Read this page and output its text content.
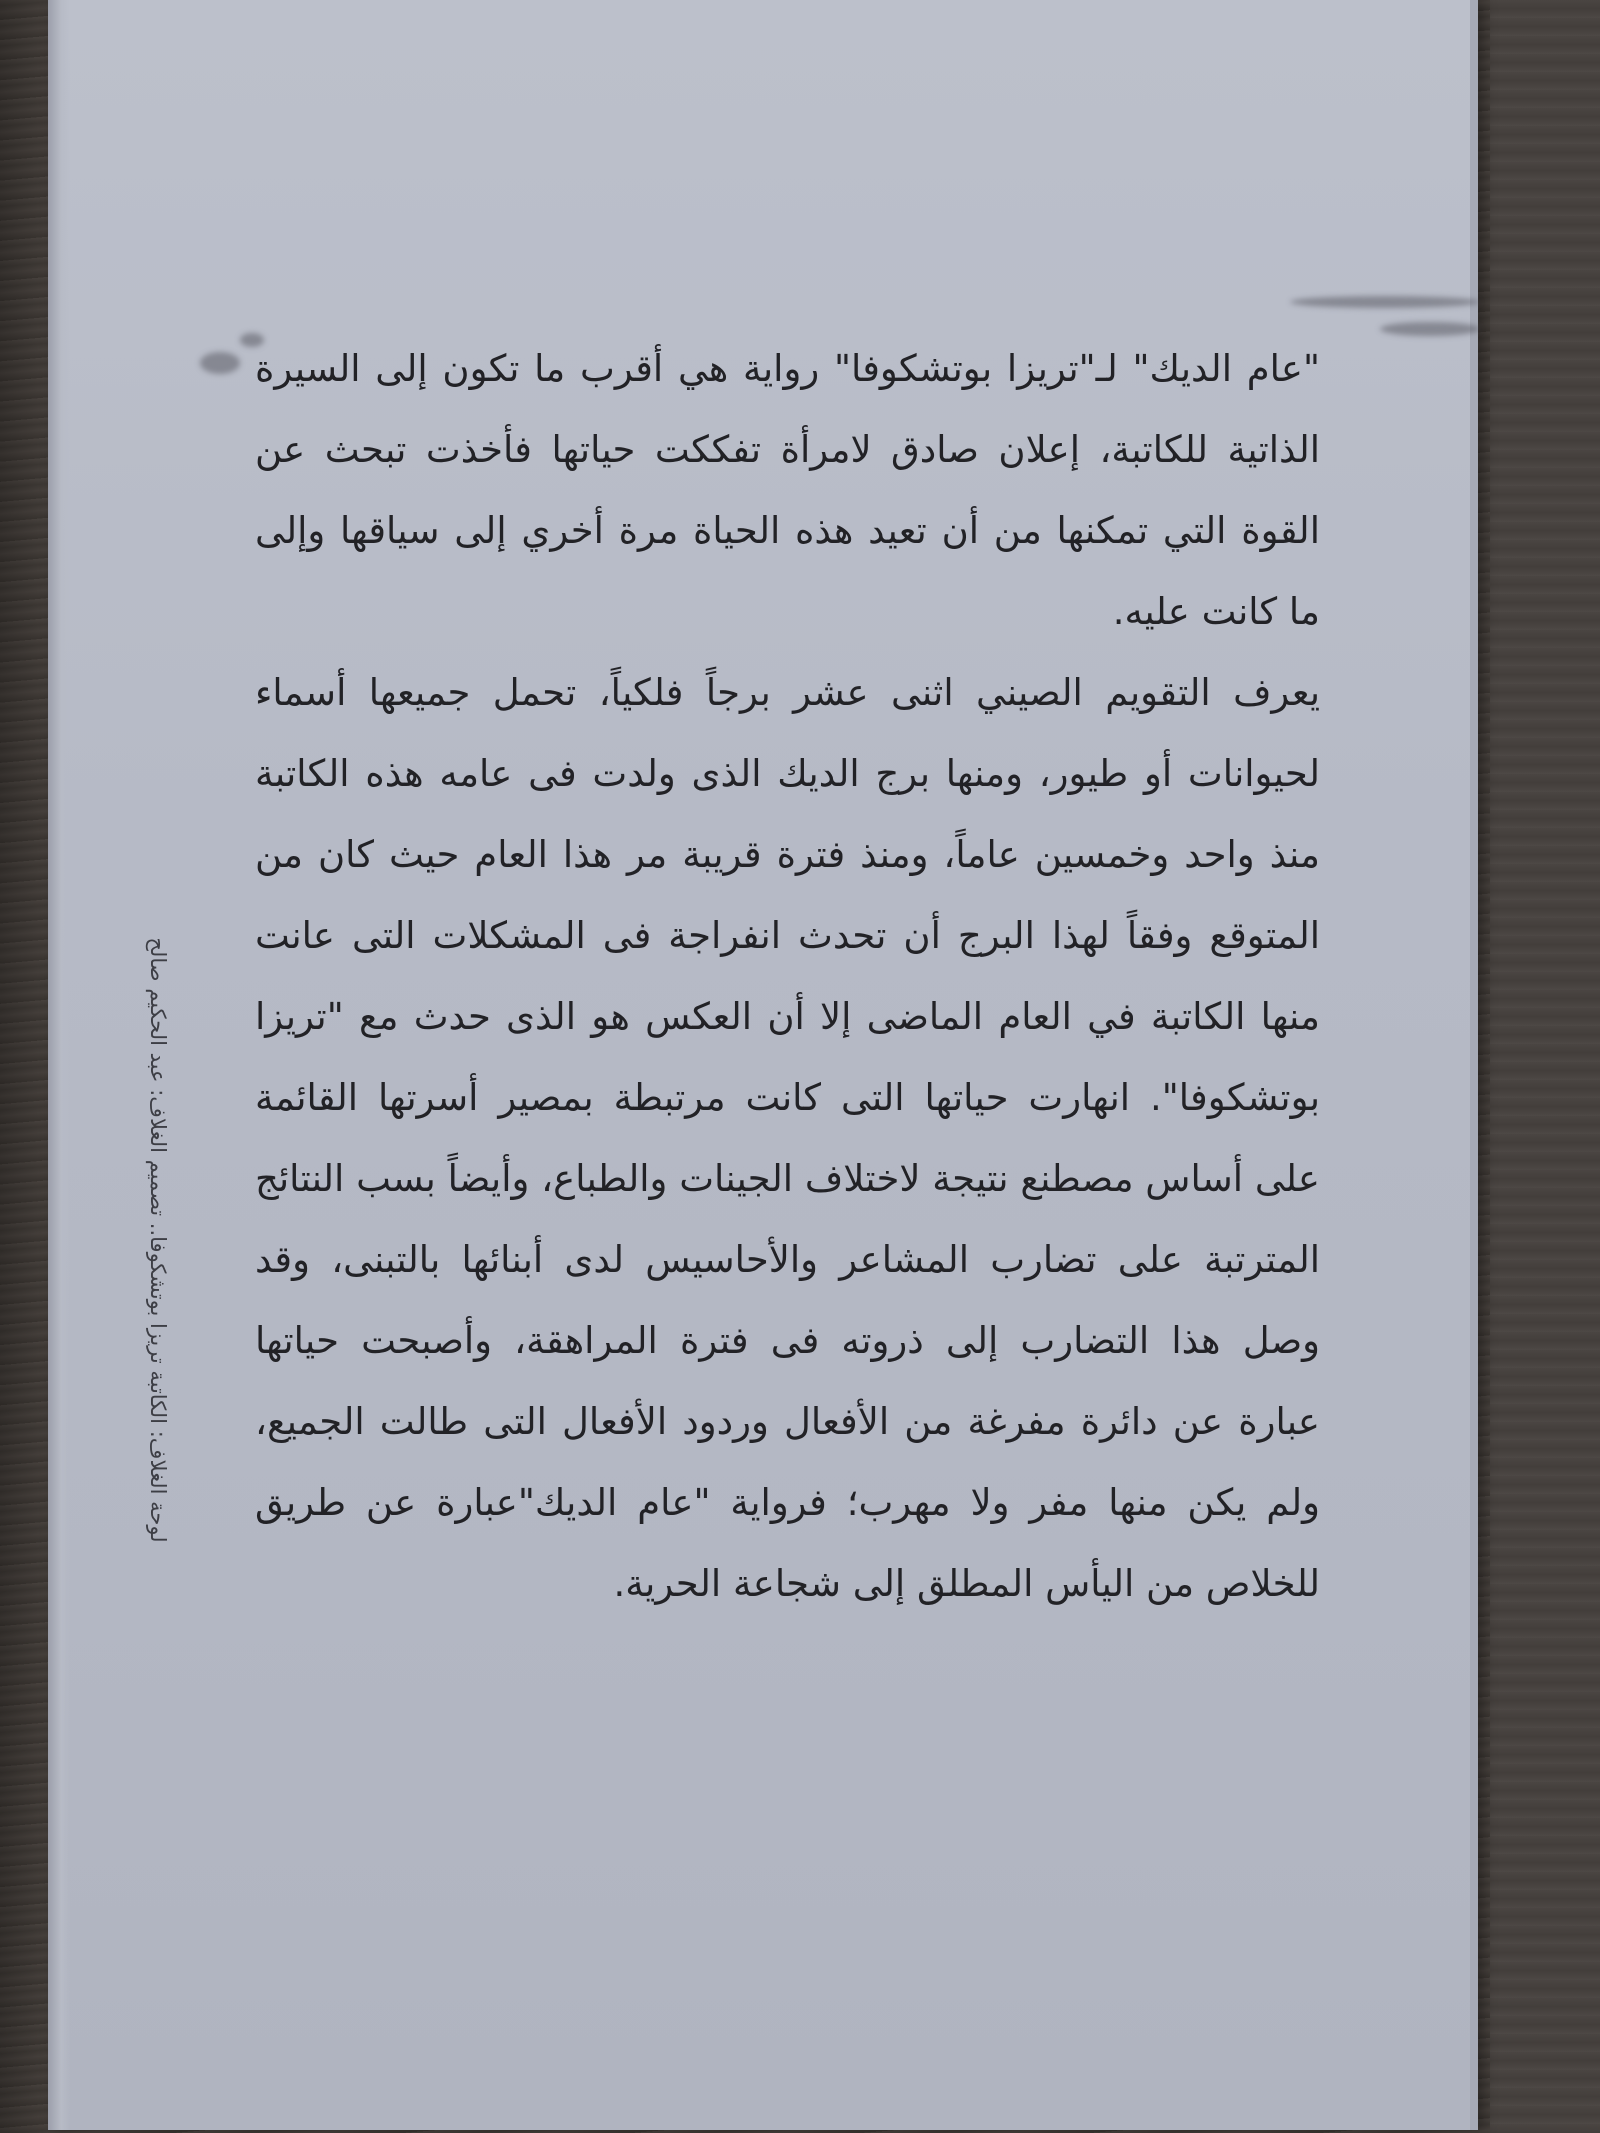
"عام الديك" لـ"تريزا بوتشكوفا" رواية هي أقرب ما تكون إلى السيرة الذاتية للكاتبة، إعلان صادق لامرأة تفككت حياتها فأخذت تبحث عن القوة التي تمكنها من أن تعيد هذه الحياة مرة أخري إلى سياقها وإلى ما كانت عليه.

يعرف التقويم الصيني اثنى عشر برجاً فلكياً، تحمل جميعها أسماء لحيوانات أو طيور، ومنها برج الديك الذى ولدت فى عامه هذه الكاتبة منذ واحد وخمسين عاماً، ومنذ فترة قريبة مر هذا العام حيث كان من المتوقع وفقاً لهذا البرج أن تحدث انفراجة فى المشكلات التى عانت منها الكاتبة في العام الماضى إلا أن العكس هو الذى حدث مع "تريزا بوتشكوفا". انهارت حياتها التى كانت مرتبطة بمصير أسرتها القائمة على أساس مصطنع نتيجة لاختلاف الجينات والطباع، وأيضاً بسب النتائج المترتبة على تضارب المشاعر والأحاسيس لدى أبنائها بالتبنى، وقد وصل هذا التضارب إلى ذروته فى فترة المراهقة، وأصبحت حياتها عبارة عن دائرة مفرغة من الأفعال وردود الأفعال التى طالت الجميع، ولم يكن منها مفر ولا مهرب؛ فرواية "عام الديك"عبارة عن طريق للخلاص من اليأس المطلق إلى شجاعة الحرية.

لوحة الغلاف: الكاتبة تريزا بوتشكوفا.. تصميم الغلاف: عبد الحكيم صالح
